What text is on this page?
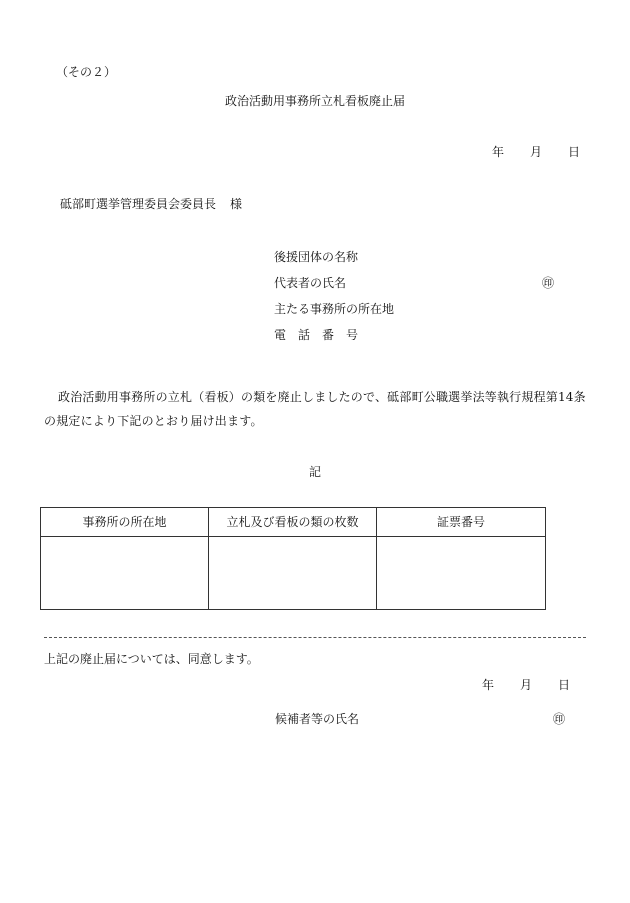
（その２）
政治活動用事務所立札看板廃止届
年 月 日
砥部町選挙管理委員会委員長 様
後援団体の名称
代表者の氏名	㊞
主たる事務所の所在地
電　話　番　号
政治活動用事務所の立札（看板）の類を廃止しましたので、砥部町公職選挙法等執行規程第14条の規定により下記のとおり届け出ます。
記
事務所の所在地	立札及び看板の類の枚数	証票番号

上記の廃止届については、同意します。
年 月 日
候補者等の氏名	㊞
